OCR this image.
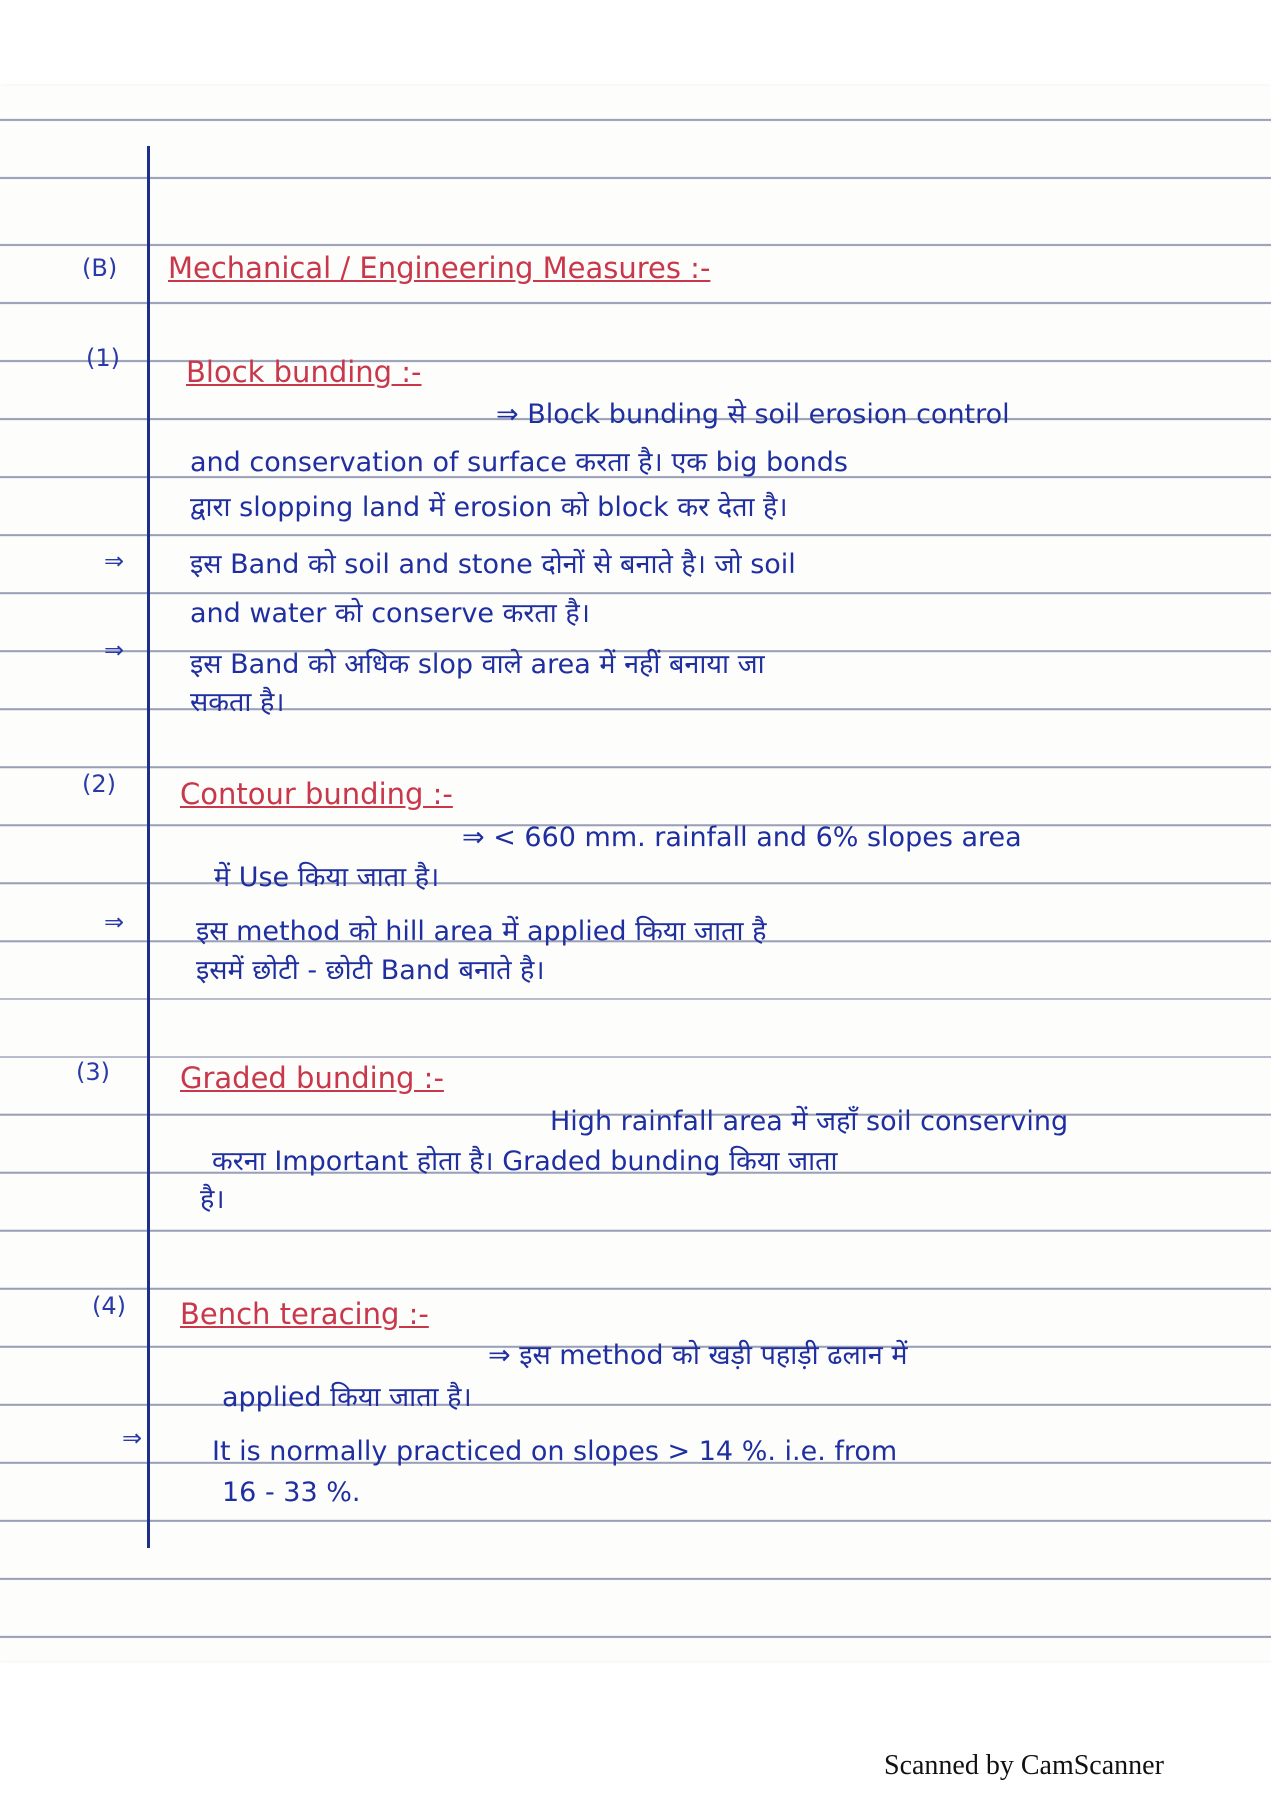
(B) Mechanical / Engineering Measures :-
(1) Block bunding :-
⇒ Block bunding से soil erosion control
and conservation of surface करता है। एक big bonds
द्वारा slopping land में erosion को block कर देता है।
⇒ इस Band को soil and stone दोनों से बनाते है। जो soil
and water को conserve करता है।
⇒ इस Band को अधिक slop वाले area में नहीं बनाया जा
सकता है।
(2) Contour bunding :-
⇒ < 660 mm. rainfall and 6% slopes area
में Use किया जाता है।
⇒	इस method को hill area में applied किया जाता है
इसमें छोटी - छोटी Band बनाते है।
(3) Graded bunding :-
High rainfall area में जहाँ soil conserving
करना Important होता है। Graded bunding किया जाता
है।
(4) Bench teracing :-
⇒ इस method को खड़ी पहाड़ी ढलान में
applied किया जाता है।
⇒	It is normally practiced on slopes > 14 %. i.e. from
16 - 33 %.
Scanned by CamScanner
